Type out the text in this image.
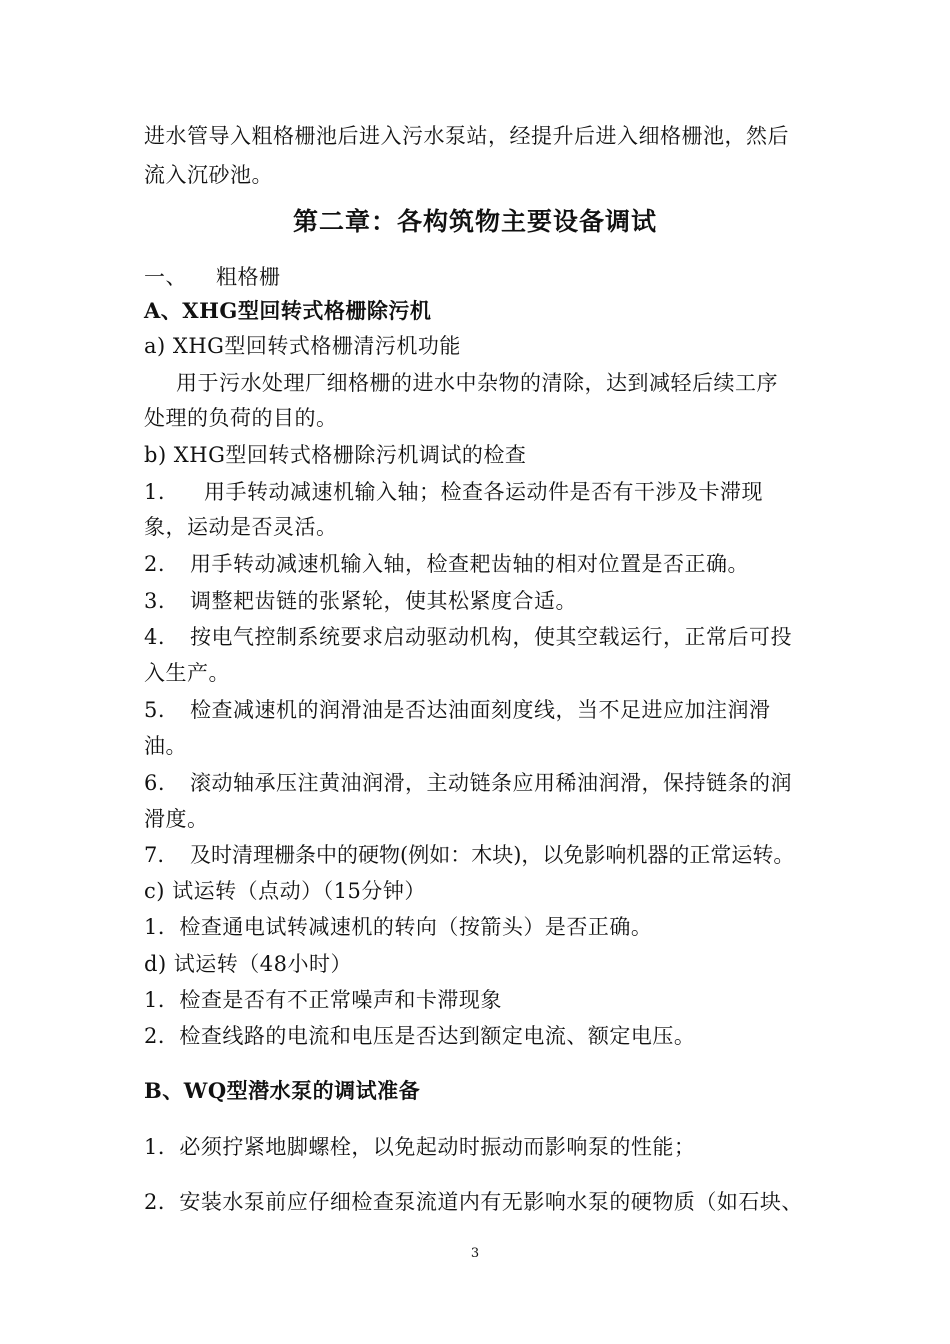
进水管导入粗格栅池后进入污水泵站，经提升后进入细格栅池，然后
流入沉砂池。
第二章：各构筑物主要设备调试
一、 粗格栅
A、XHG型回转式格栅除污机
a) XHG型回转式格栅清污机功能
用于污水处理厂细格栅的进水中杂物的清除，达到减轻后续工序
处理的负荷的目的。
b) XHG型回转式格栅除污机调试的检查
1. 用手转动减速机输入轴；检查各运动件是否有干涉及卡滞现
象，运动是否灵活。
2. 用手转动减速机输入轴，检查耙齿轴的相对位置是否正确。
3. 调整耙齿链的张紧轮，使其松紧度合适。
4. 按电气控制系统要求启动驱动机构，使其空载运行，正常后可投
入生产。
5. 检查减速机的润滑油是否达油面刻度线，当不足进应加注润滑
油。
6. 滚动轴承压注黄油润滑，主动链条应用稀油润滑，保持链条的润
滑度。
7. 及时清理栅条中的硬物(例如：木块)，以免影响机器的正常运转。
c) 试运转（点动）（15分钟）
1．检查通电试转减速机的转向（按箭头）是否正确。
d) 试运转（48小时）
1．检查是否有不正常噪声和卡滞现象
2．检查线路的电流和电压是否达到额定电流、额定电压。
B、WQ型潜水泵的调试准备
1．必须拧紧地脚螺栓，以免起动时振动而影响泵的性能；
2．安装水泵前应仔细检查泵流道内有无影响水泵的硬物质（如石块、
3
